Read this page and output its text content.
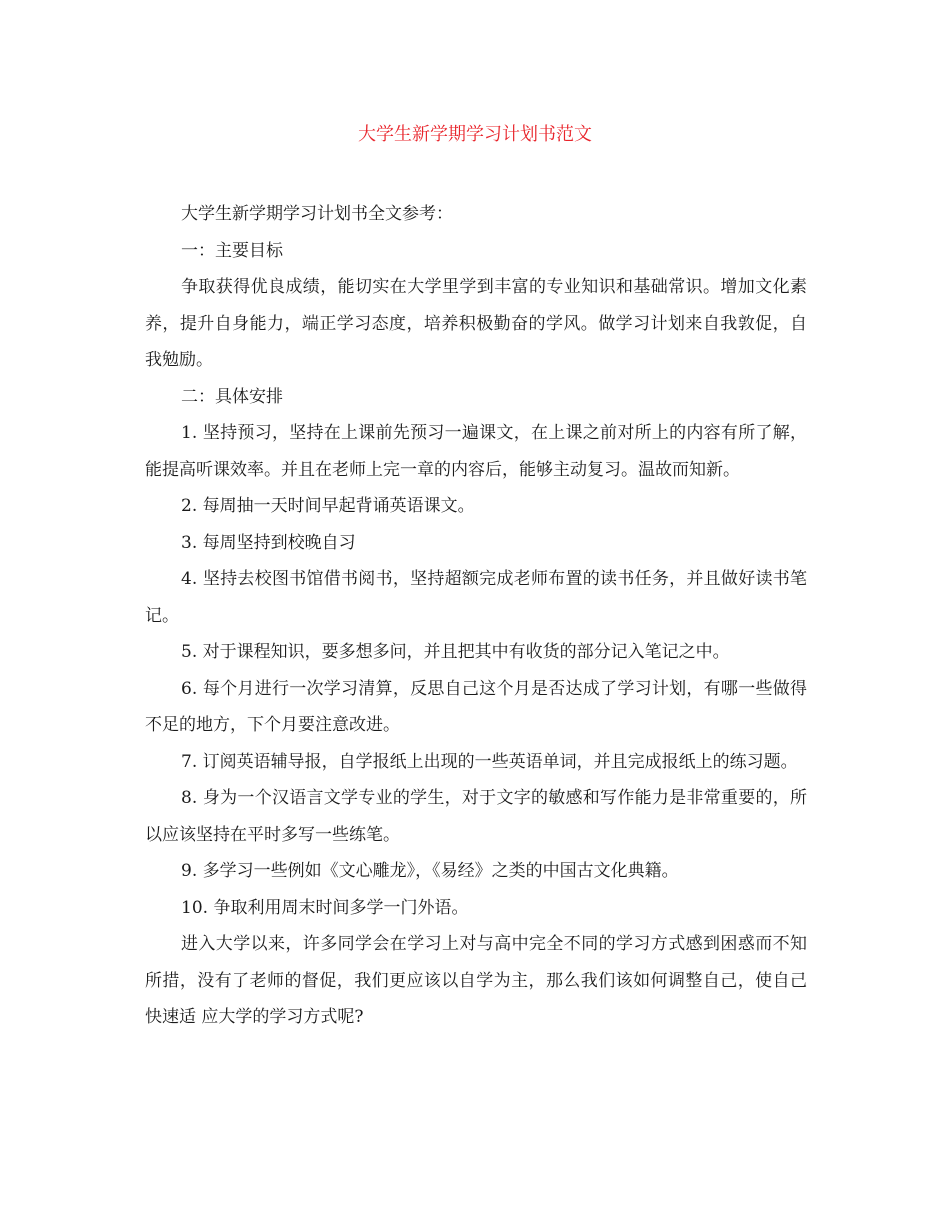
大学生新学期学习计划书范文

大学生新学期学习计划书全文参考：

一：主要目标

争取获得优良成绩，能切实在大学里学到丰富的专业知识和基础常识。增加文化素养，提升自身能力，端正学习态度，培养积极勤奋的学风。做学习计划来自我敦促，自我勉励。

二：具体安排

1. 坚持预习，坚持在上课前先预习一遍课文，在上课之前对所上的内容有所了解，能提高听课效率。并且在老师上完一章的内容后，能够主动复习。温故而知新。

2. 每周抽一天时间早起背诵英语课文。

3. 每周坚持到校晚自习

4. 坚持去校图书馆借书阅书，坚持超额完成老师布置的读书任务，并且做好读书笔记。

5. 对于课程知识，要多想多问，并且把其中有收货的部分记入笔记之中。

6. 每个月进行一次学习清算，反思自己这个月是否达成了学习计划，有哪一些做得不足的地方，下个月要注意改进。

7. 订阅英语辅导报，自学报纸上出现的一些英语单词，并且完成报纸上的练习题。

8. 身为一个汉语言文学专业的学生，对于文字的敏感和写作能力是非常重要的，所以应该坚持在平时多写一些练笔。

9. 多学习一些例如《文心雕龙》，《易经》之类的中国古文化典籍。

10. 争取利用周末时间多学一门外语。

进入大学以来，许多同学会在学习上对与高中完全不同的学习方式感到困惑而不知所措，没有了老师的督促，我们更应该以自学为主，那么我们该如何调整自己，使自己快速适 应大学的学习方式呢?
